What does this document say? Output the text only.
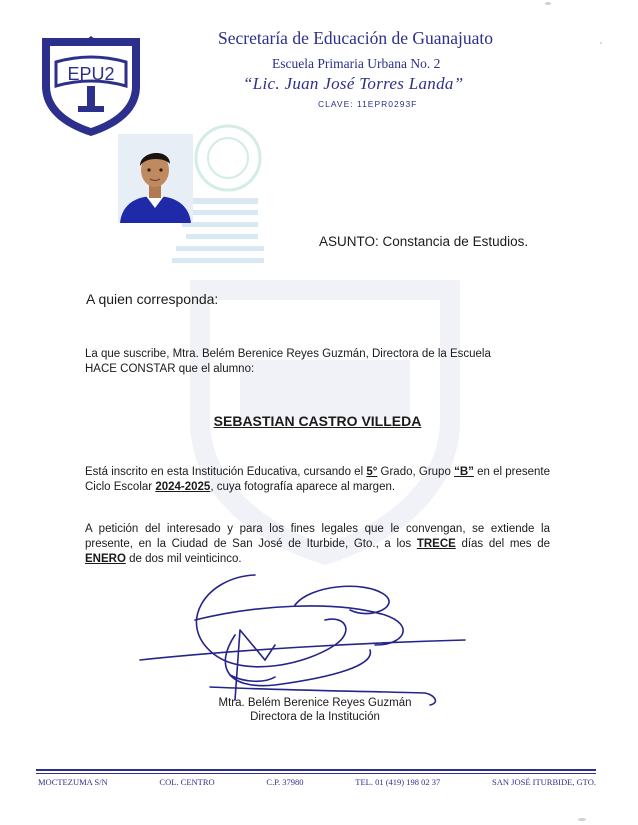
EPU2
Secretaría de Educación de Guanajuato
Escuela Primaria Urbana No. 2
“Lic. Juan José Torres Landa”
CLAVE: 11EPR0293F
ASUNTO: Constancia de Estudios.
A quien corresponda:
La que suscribe, Mtra. Belém Berenice Reyes Guzmán, Directora de la Escuela
HACE CONSTAR que el alumno:
SEBASTIAN CASTRO VILLEDA
Está inscrito en esta Institución Educativa, cursando el 5° Grado, Grupo “B” en el presente Ciclo Escolar 2024-2025, cuya fotografía aparece al margen.
A petición del interesado y para los fines legales que le convengan, se extiende la presente, en la Ciudad de San José de Iturbide, Gto., a los TRECE días del mes de ENERO de dos mil veinticinco.
Mtra. Belém Berenice Reyes Guzmán
Directora de la Institución
MOCTEZUMA S/N	COL. CENTRO	C.P. 37980	TEL. 01 (419) 198 02 37	SAN JOSÉ ITURBIDE, GTO.
